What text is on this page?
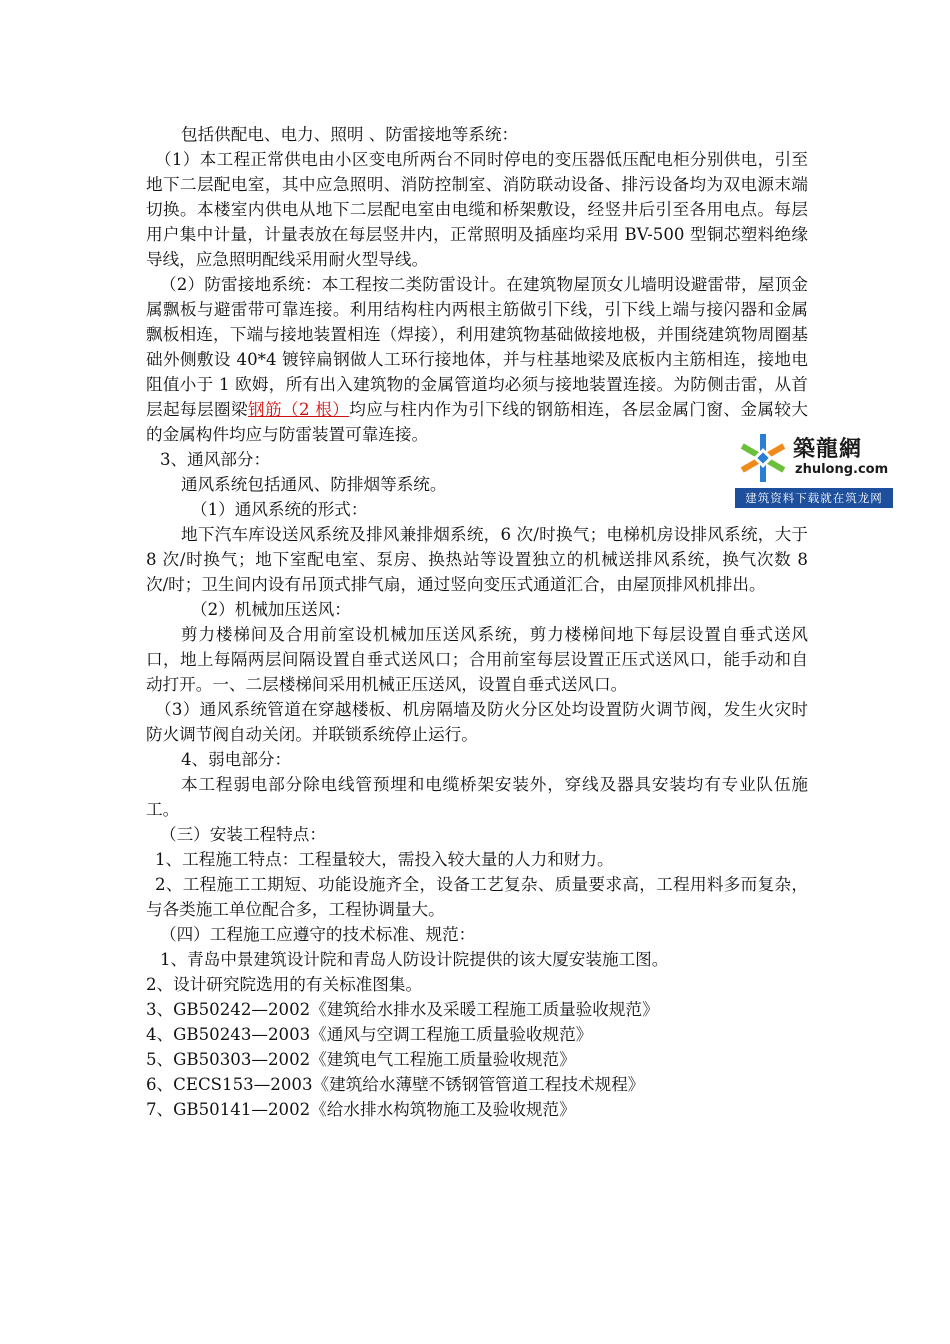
包括供配电、电力、照明 、防雷接地等系统：

（1）本工程正常供电由小区变电所两台不同时停电的变压器低压配电柜分别供电，引至地下二层配电室，其中应急照明、消防控制室、消防联动设备、排污设备均为双电源末端切换。本楼室内供电从地下二层配电室由电缆和桥架敷设，经竖井后引至各用电点。每层用户集中计量，计量表放在每层竖井内，正常照明及插座均采用 BV-500 型铜芯塑料绝缘导线，应急照明配线采用耐火型导线。

（2）防雷接地系统：本工程按二类防雷设计。在建筑物屋顶女儿墙明设避雷带，屋顶金属飘板与避雷带可靠连接。利用结构柱内两根主筋做引下线，引下线上端与接闪器和金属飘板相连，下端与接地装置相连（焊接），利用建筑物基础做接地极，并围绕建筑物周圈基础外侧敷设 40*4 镀锌扁钢做人工环行接地体，并与柱基地梁及底板内主筋相连，接地电阻值小于 1 欧姆，所有出入建筑物的金属管道均必须与接地装置连接。为防侧击雷，从首层起每层圈梁钢筋（2 根）均应与柱内作为引下线的钢筋相连，各层金属门窗、金属较大的金属构件均应与防雷装置可靠连接。

3、通风部分：

通风系统包括通风、防排烟等系统。

（1）通风系统的形式：

地下汽车库设送风系统及排风兼排烟系统，6 次/时换气；电梯机房设排风系统，大于 8 次/时换气；地下室配电室、泵房、换热站等设置独立的机械送排风系统，换气次数 8 次/时；卫生间内设有吊顶式排气扇，通过竖向变压式通道汇合，由屋顶排风机排出。

（2）机械加压送风：

剪力楼梯间及合用前室设机械加压送风系统，剪力楼梯间地下每层设置自垂式送风口，地上每隔两层间隔设置自垂式送风口；合用前室每层设置正压式送风口，能手动和自动打开。一、二层楼梯间采用机械正压送风，设置自垂式送风口。

（3）通风系统管道在穿越楼板、机房隔墙及防火分区处均设置防火调节阀，发生火灾时防火调节阀自动关闭。并联锁系统停止运行。

4、弱电部分：

本工程弱电部分除电线管预埋和电缆桥架安装外，穿线及器具安装均有专业队伍施工。

（三）安装工程特点：

1、工程施工特点：工程量较大，需投入较大量的人力和财力。

2、工程施工工期短、功能设施齐全，设备工艺复杂、质量要求高，工程用料多而复杂，与各类施工单位配合多，工程协调量大。

（四）工程施工应遵守的技术标准、规范：

1、青岛中景建筑设计院和青岛人防设计院提供的该大厦安装施工图。

2、设计研究院选用的有关标准图集。

3、GB50242—2002《建筑给水排水及采暖工程施工质量验收规范》

4、GB50243—2003《通风与空调工程施工质量验收规范》

5、GB50303—2002《建筑电气工程施工质量验收规范》

6、CECS153—2003《建筑给水薄壁不锈钢管管道工程技术规程》

7、GB50141—2002《给水排水构筑物施工及验收规范》

築龍網
zhulong.com
建筑资料下载就在筑龙网
